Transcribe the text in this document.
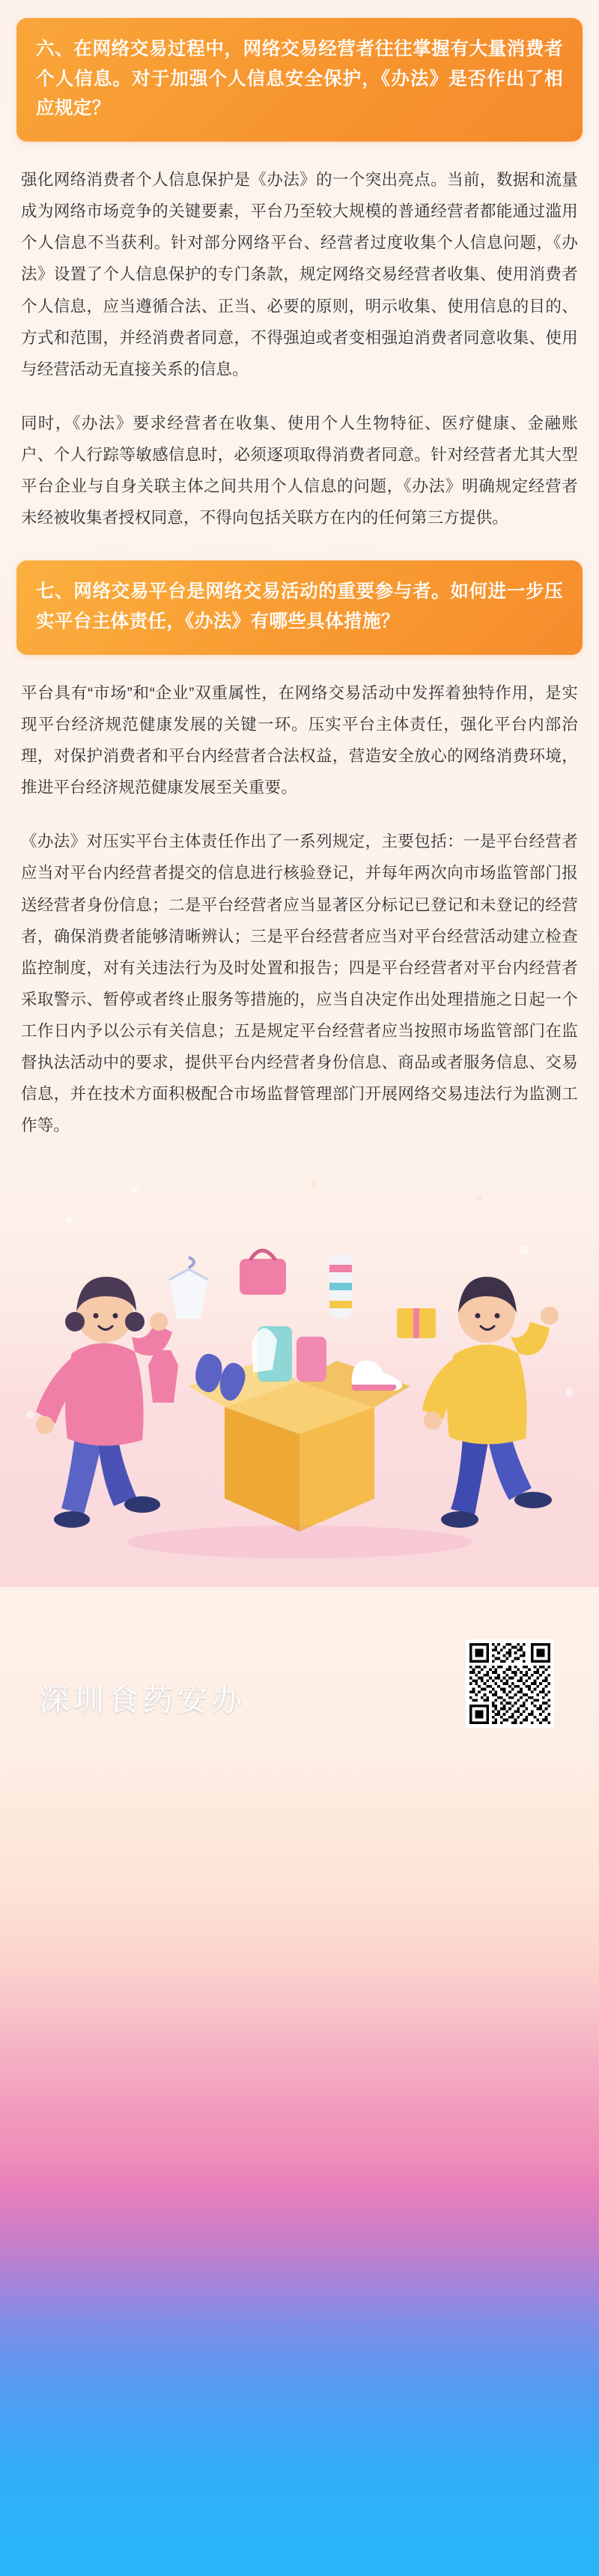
六、在网络交易过程中，网络交易经营者往往掌握有大量消费者个人信息。对于加强个人信息安全保护，《办法》是否作出了相应规定？
强化网络消费者个人信息保护是《办法》的一个突出亮点。当前，数据和流量成为网络市场竞争的关键要素，平台乃至较大规模的普通经营者都能通过滥用个人信息不当获利。针对部分网络平台、经营者过度收集个人信息问题，《办法》设置了个人信息保护的专门条款，规定网络交易经营者收集、使用消费者个人信息，应当遵循合法、正当、必要的原则，明示收集、使用信息的目的、方式和范围，并经消费者同意，不得强迫或者变相强迫消费者同意收集、使用与经营活动无直接关系的信息。
同时，《办法》要求经营者在收集、使用个人生物特征、医疗健康、金融账户、个人行踪等敏感信息时，必须逐项取得消费者同意。针对经营者尤其大型平台企业与自身关联主体之间共用个人信息的问题，《办法》明确规定经营者未经被收集者授权同意，不得向包括关联方在内的任何第三方提供。
七、网络交易平台是网络交易活动的重要参与者。如何进一步压实平台主体责任，《办法》有哪些具体措施？
平台具有“市场”和“企业”双重属性，在网络交易活动中发挥着独特作用，是实现平台经济规范健康发展的关键一环。压实平台主体责任，强化平台内部治理，对保护消费者和平台内经营者合法权益，营造安全放心的网络消费环境，推进平台经济规范健康发展至关重要。
《办法》对压实平台主体责任作出了一系列规定，主要包括：一是平台经营者应当对平台内经营者提交的信息进行核验登记，并每年两次向市场监管部门报送经营者身份信息；二是平台经营者应当显著区分标记已登记和未登记的经营者，确保消费者能够清晰辨认；三是平台经营者应当对平台经营活动建立检查监控制度，对有关违法行为及时处置和报告；四是平台经营者对平台内经营者采取警示、暂停或者终止服务等措施的，应当自决定作出处理措施之日起一个工作日内予以公示有关信息；五是规定平台经营者应当按照市场监管部门在监督执法活动中的要求，提供平台内经营者身份信息、商品或者服务信息、交易信息，并在技术方面积极配合市场监督管理部门开展网络交易违法行为监测工作等。
深圳食药安办
